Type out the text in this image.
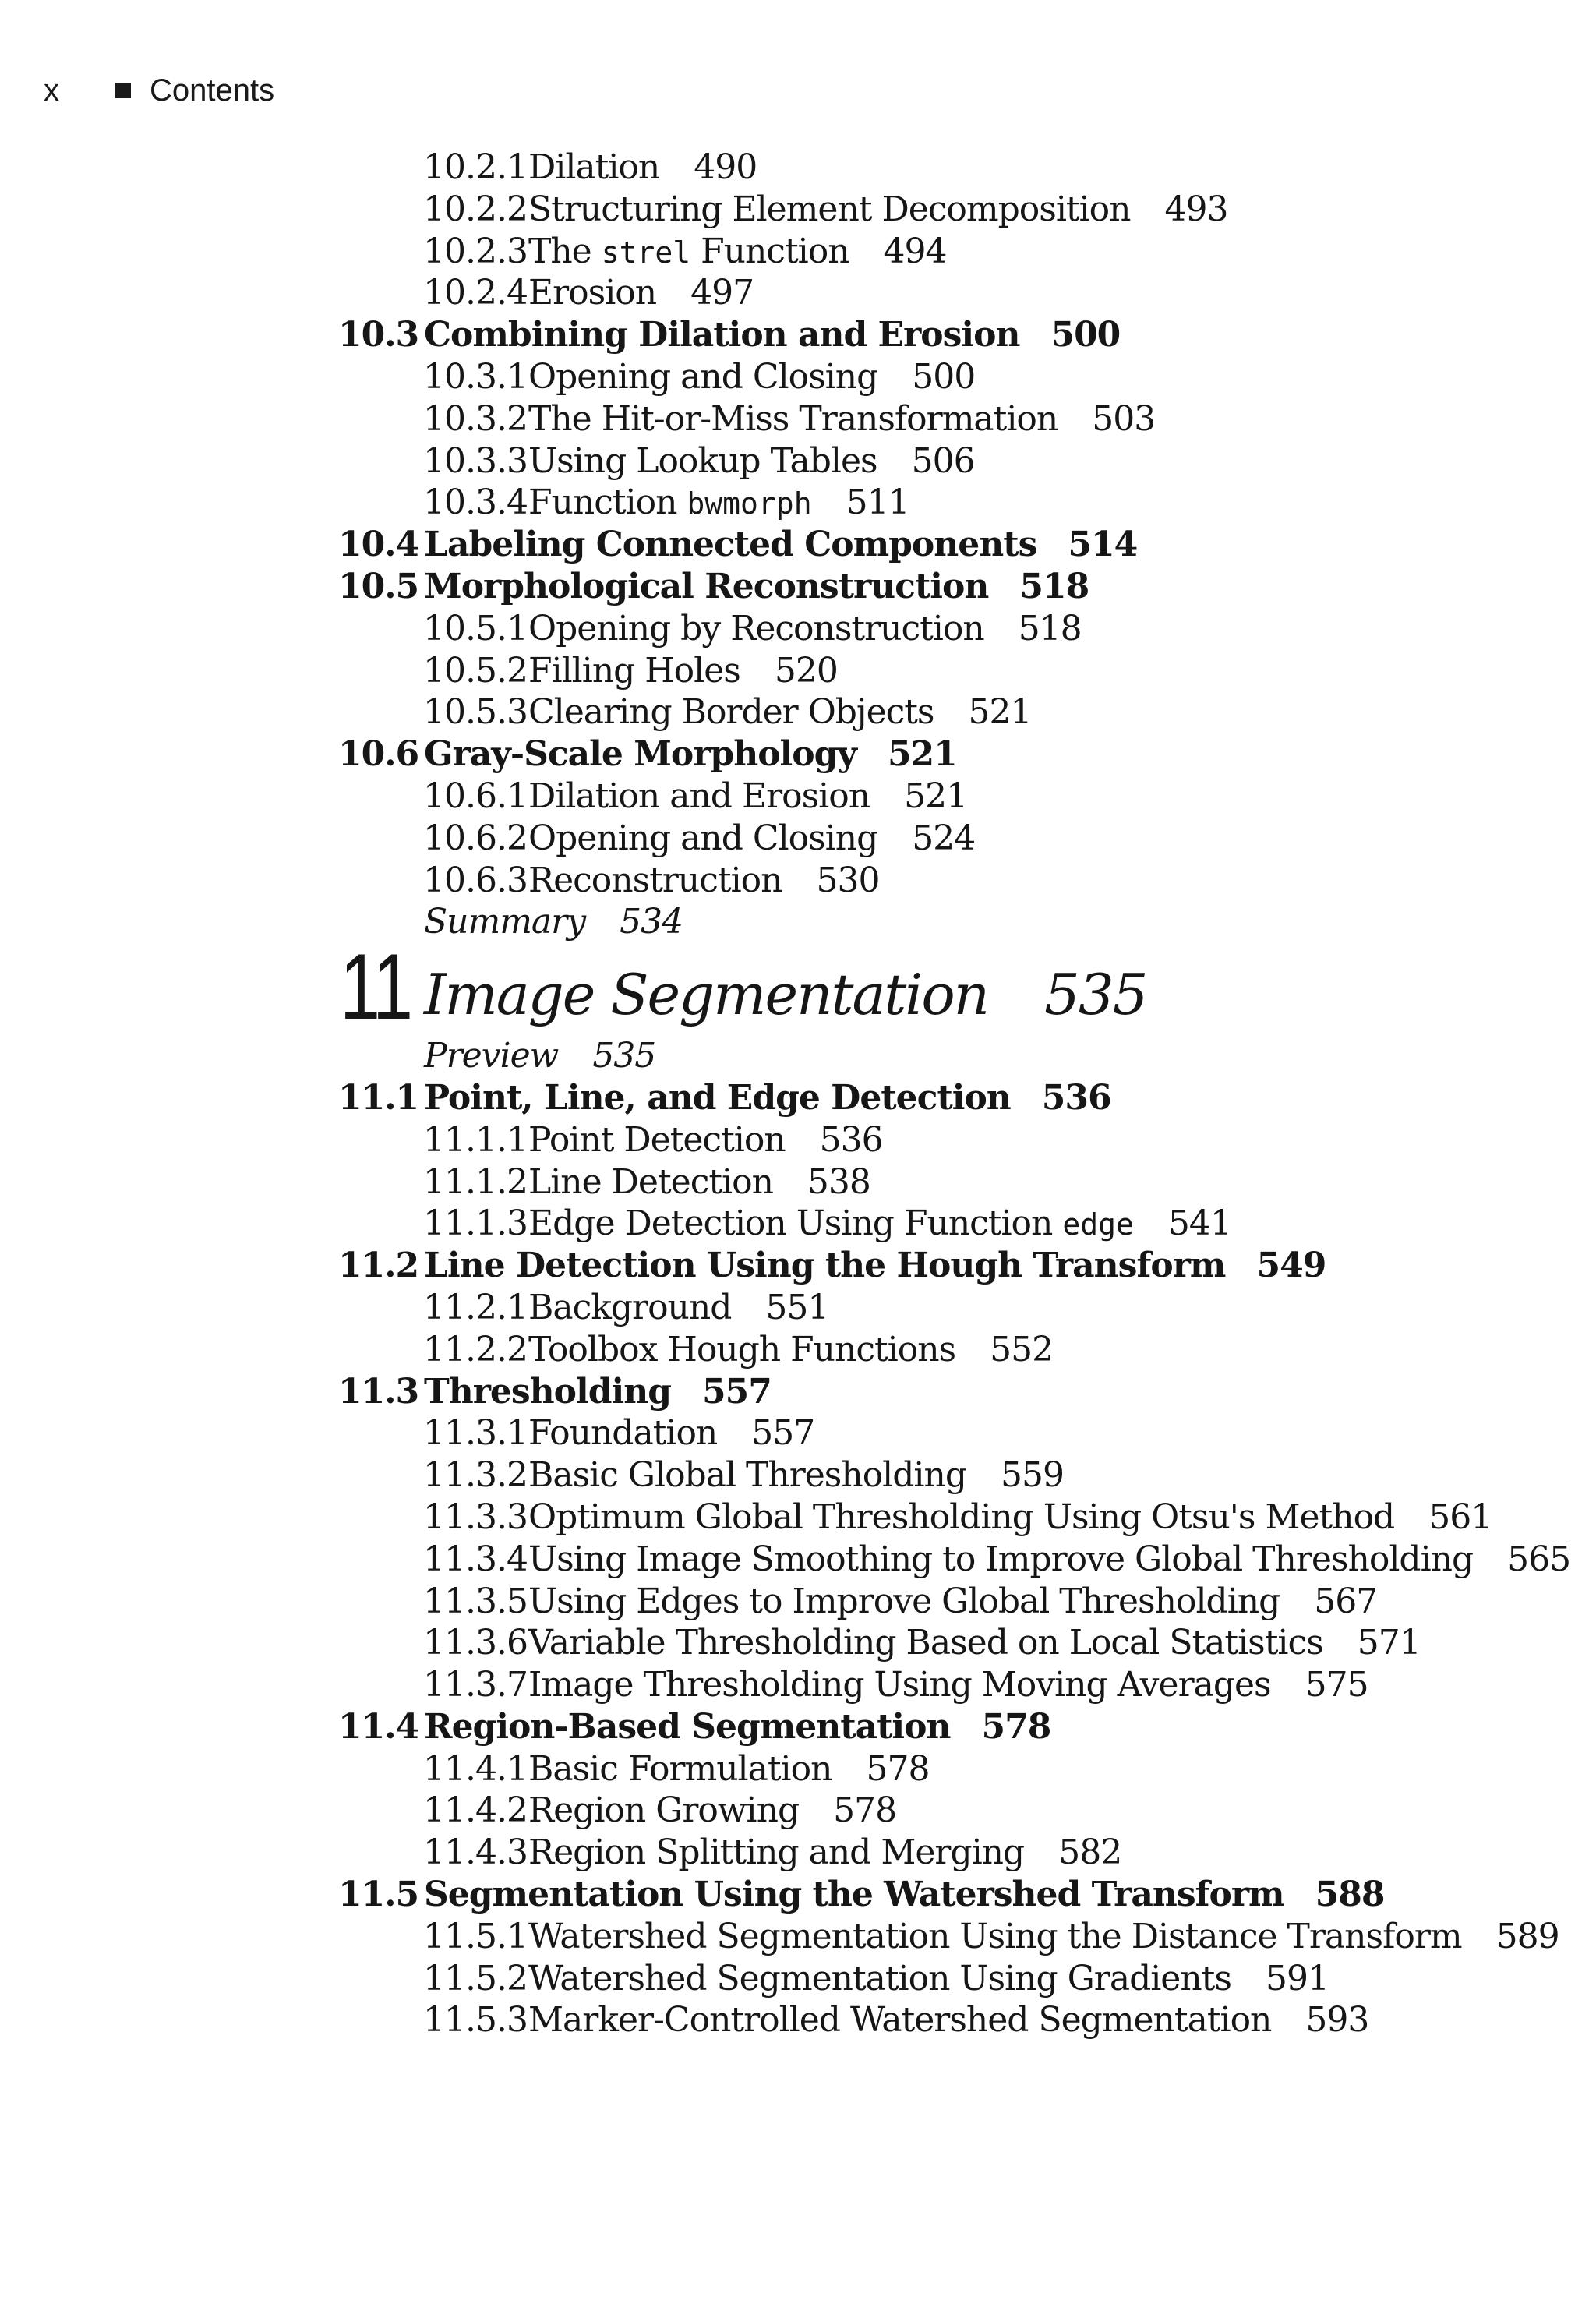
x	Contents
10.2.1 Dilation 490
10.2.2 Structuring Element Decomposition 493
10.2.3 The strel Function 494
10.2.4 Erosion 497
10.3 Combining Dilation and Erosion 500
10.3.1 Opening and Closing 500
10.3.2 The Hit-or-Miss Transformation 503
10.3.3 Using Lookup Tables 506
10.3.4 Function bwmorph 511
10.4 Labeling Connected Components 514
10.5 Morphological Reconstruction 518
10.5.1 Opening by Reconstruction 518
10.5.2 Filling Holes 520
10.5.3 Clearing Border Objects 521
10.6 Gray-Scale Morphology 521
10.6.1 Dilation and Erosion 521
10.6.2 Opening and Closing 524
10.6.3 Reconstruction 530
Summary 534
11 Image Segmentation 535
Preview 535
11.1 Point, Line, and Edge Detection 536
11.1.1 Point Detection 536
11.1.2 Line Detection 538
11.1.3 Edge Detection Using Function edge 541
11.2 Line Detection Using the Hough Transform 549
11.2.1 Background 551
11.2.2 Toolbox Hough Functions 552
11.3 Thresholding 557
11.3.1 Foundation 557
11.3.2 Basic Global Thresholding 559
11.3.3 Optimum Global Thresholding Using Otsu's Method 561
11.3.4 Using Image Smoothing to Improve Global Thresholding 565
11.3.5 Using Edges to Improve Global Thresholding 567
11.3.6 Variable Thresholding Based on Local Statistics 571
11.3.7 Image Thresholding Using Moving Averages 575
11.4 Region-Based Segmentation 578
11.4.1 Basic Formulation 578
11.4.2 Region Growing 578
11.4.3 Region Splitting and Merging 582
11.5 Segmentation Using the Watershed Transform 588
11.5.1 Watershed Segmentation Using the Distance Transform 589
11.5.2 Watershed Segmentation Using Gradients 591
11.5.3 Marker-Controlled Watershed Segmentation 593
